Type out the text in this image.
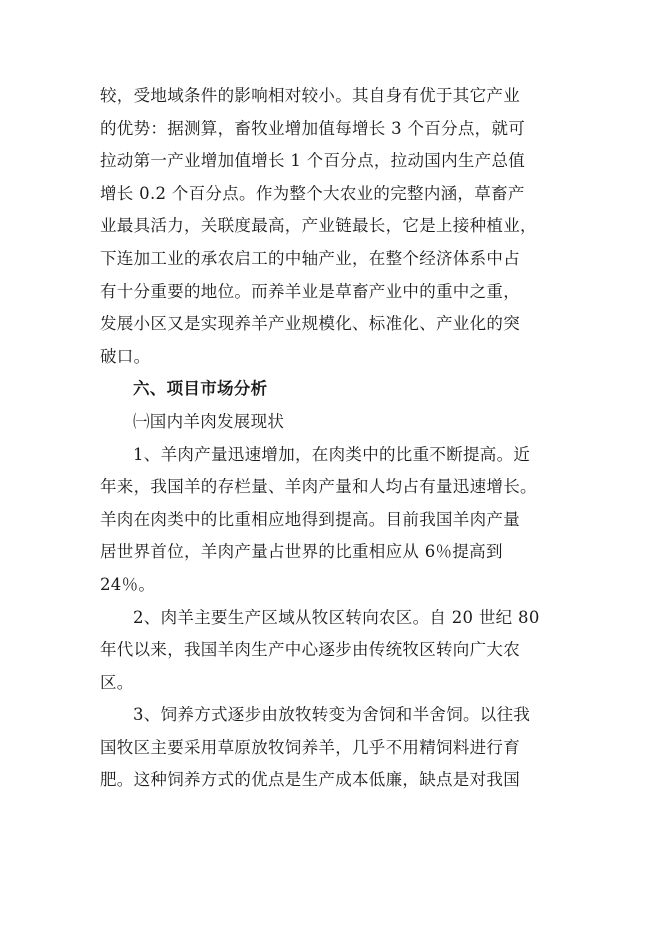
较，受地域条件的影响相对较小。其自身有优于其它产业
的优势：据测算，畜牧业增加值每增长 3 个百分点，就可
拉动第一产业增加值增长 1 个百分点，拉动国内生产总值
增长 0.2 个百分点。作为整个大农业的完整内涵，草畜产
业最具活力，关联度最高，产业链最长，它是上接种植业，
下连加工业的承农启工的中轴产业，在整个经济体系中占
有十分重要的地位。而养羊业是草畜产业中的重中之重，
发展小区又是实现养羊产业规模化、标准化、产业化的突
破口。
六、项目市场分析
㈠国内羊肉发展现状
1、羊肉产量迅速增加，在肉类中的比重不断提高。近
年来，我国羊的存栏量、羊肉产量和人均占有量迅速增长。
羊肉在肉类中的比重相应地得到提高。目前我国羊肉产量
居世界首位，羊肉产量占世界的比重相应从 6％提高到
24％。
2、肉羊主要生产区域从牧区转向农区。自 20 世纪 80
年代以来，我国羊肉生产中心逐步由传统牧区转向广大农
区。
3、饲养方式逐步由放牧转变为舍饲和半舍饲。以往我
国牧区主要采用草原放牧饲养羊，几乎不用精饲料进行育
肥。这种饲养方式的优点是生产成本低廉，缺点是对我国
